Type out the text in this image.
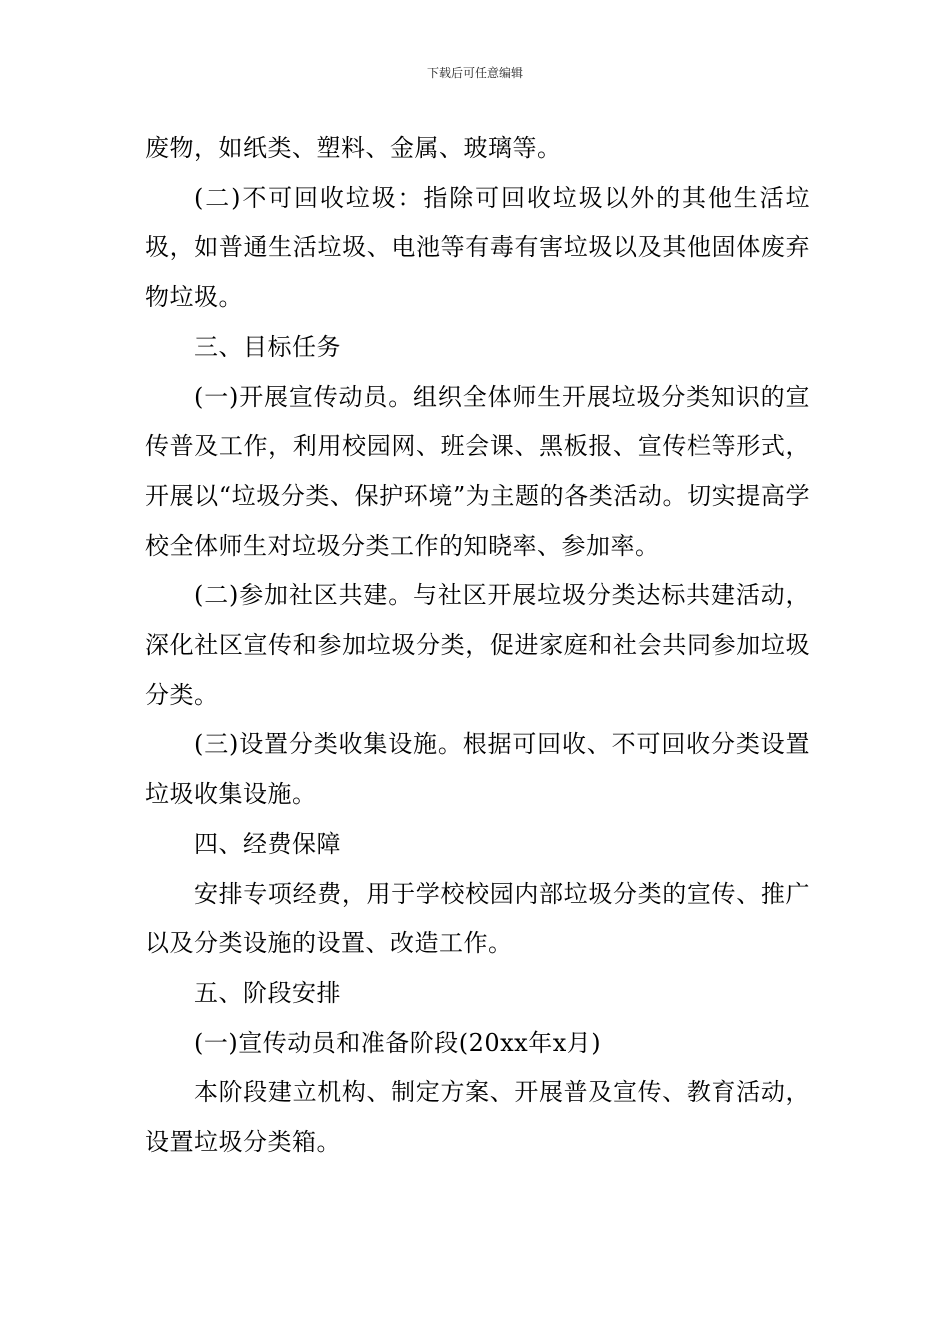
下载后可任意编辑

废物，如纸类、塑料、金属、玻璃等。

(二)不可回收垃圾：指除可回收垃圾以外的其他生活垃圾，如普通生活垃圾、电池等有毒有害垃圾以及其他固体废弃物垃圾。

三、目标任务

(一)开展宣传动员。组织全体师生开展垃圾分类知识的宣传普及工作，利用校园网、班会课、黑板报、宣传栏等形式，开展以“垃圾分类、保护环境”为主题的各类活动。切实提高学校全体师生对垃圾分类工作的知晓率、参加率。

(二)参加社区共建。与社区开展垃圾分类达标共建活动，深化社区宣传和参加垃圾分类，促进家庭和社会共同参加垃圾分类。

(三)设置分类收集设施。根据可回收、不可回收分类设置垃圾收集设施。

四、经费保障

安排专项经费，用于学校校园内部垃圾分类的宣传、推广以及分类设施的设置、改造工作。

五、阶段安排

(一)宣传动员和准备阶段(20xx年x月)

本阶段建立机构、制定方案、开展普及宣传、教育活动，设置垃圾分类箱。
